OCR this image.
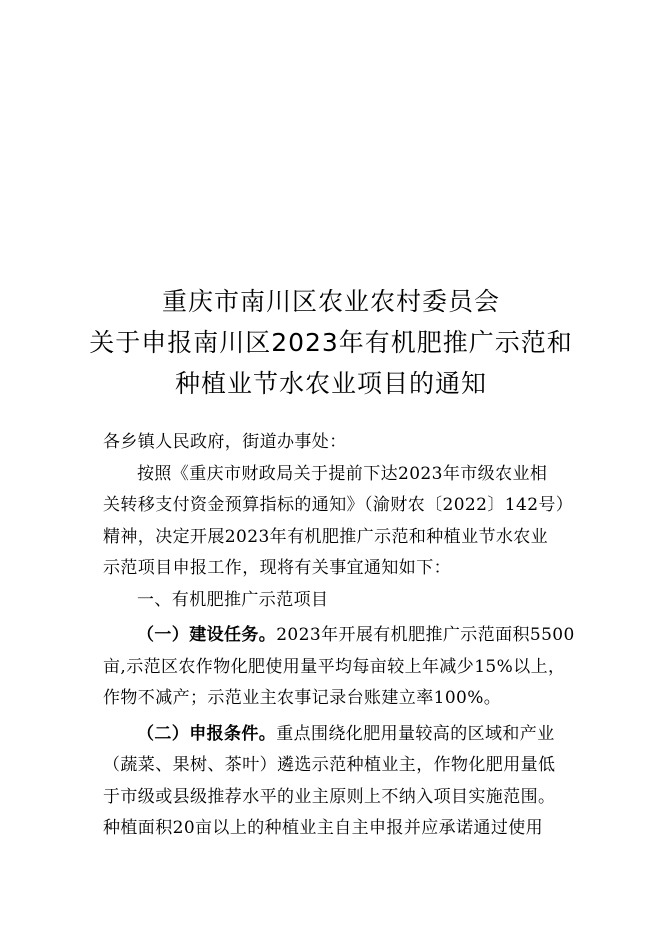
重庆市南川区农业农村委员会
关于申报南川区2023年有机肥推广示范和
种植业节水农业项目的通知
各乡镇人民政府，街道办事处：
按照《重庆市财政局关于提前下达2023年市级农业相
关转移支付资金预算指标的通知》（渝财农〔2022〕142号）
精神，决定开展2023年有机肥推广示范和种植业节水农业
示范项目申报工作，现将有关事宜通知如下：
一、有机肥推广示范项目
（一）建设任务。2023年开展有机肥推广示范面积5500
亩,示范区农作物化肥使用量平均每亩较上年减少15%以上，
作物不减产；示范业主农事记录台账建立率100%。
（二）申报条件。重点围绕化肥用量较高的区域和产业
（蔬菜、果树、茶叶）遴选示范种植业主，作物化肥用量低
于市级或县级推荐水平的业主原则上不纳入项目实施范围。
种植面积20亩以上的种植业主自主申报并应承诺通过使用
